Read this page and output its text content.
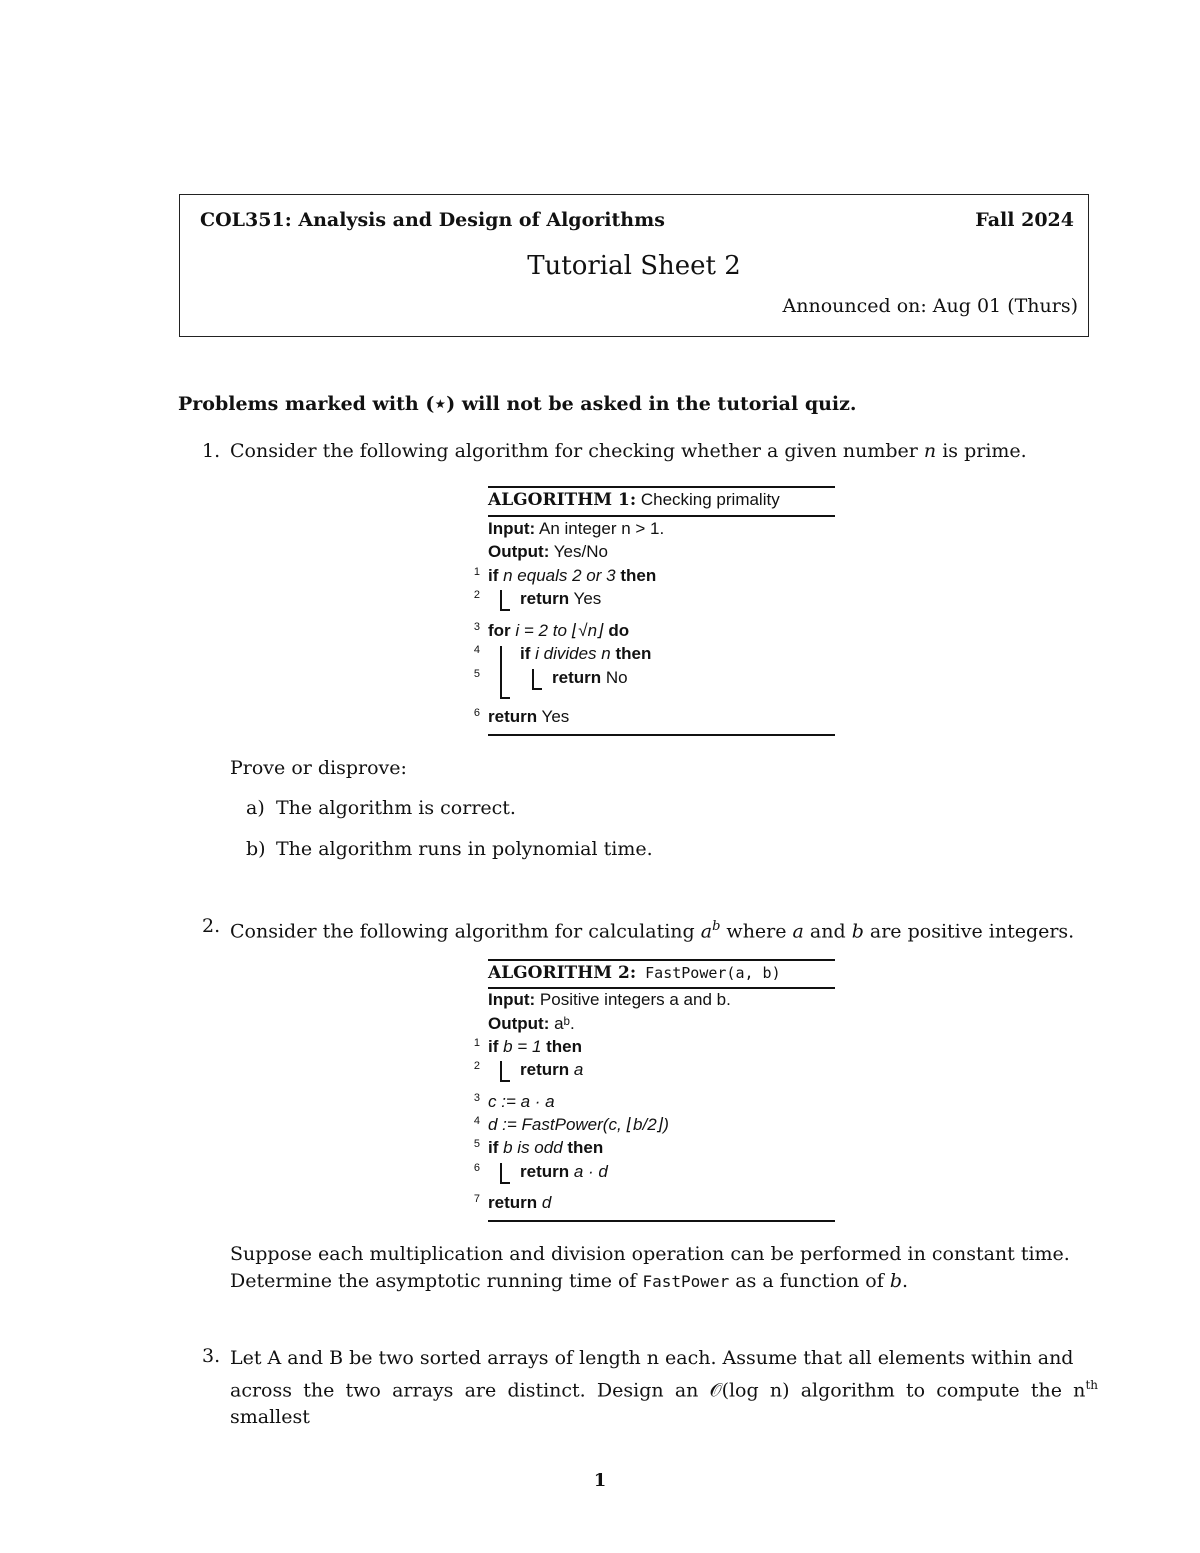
COL351: Analysis and Design of Algorithms	Fall 2024
Tutorial Sheet 2
Announced on: Aug 01 (Thurs)
Problems marked with (⋆) will not be asked in the tutorial quiz.
1. Consider the following algorithm for checking whether a given number n is prime.
ALGORITHM 1: Checking primality
Input: An integer n > 1.
Output: Yes/No
1 if n equals 2 or 3 then
2 return Yes
3 for i = 2 to ⌊√n⌋ do
4 if i divides n then
5	return No
6 return Yes
Prove or disprove:
a) The algorithm is correct.
b) The algorithm runs in polynomial time.
2. Consider the following algorithm for calculating $a^b$ where a and b are positive integers.
ALGORITHM 2: FastPower(a, b)
Input: Positive integers a and b.
Output: aᵇ.
1 if b = 1 then
2 return a
3 c := a · a
4 d := FastPower(c, ⌊b/2⌋)
5 if b is odd then
6 return a · d
7 return d
Suppose each multiplication and division operation can be performed in constant time.
Determine the asymptotic running time of FastPower as a function of b.
3. Let A and B be two sorted arrays of length n each. Assume that all elements within and
across the two arrays are distinct. Design an 𝒪(log n) algorithm to compute the $n^{th}$ smallest
1
